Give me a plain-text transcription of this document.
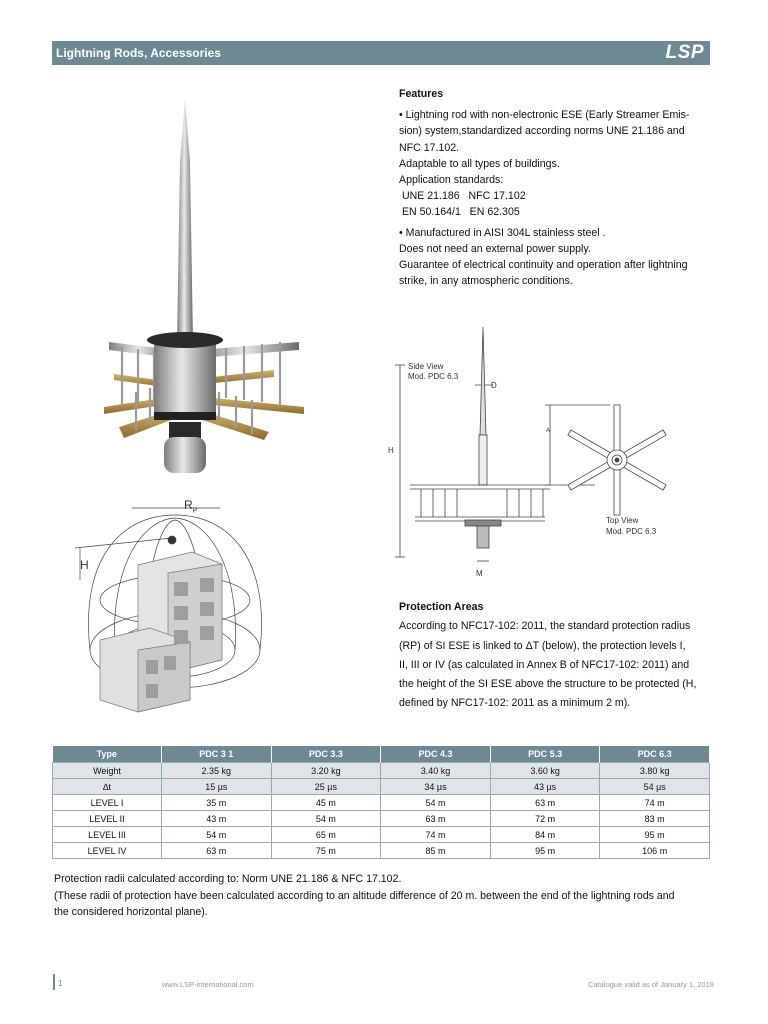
Lightning Rods, Accessories	LSP
Features

• Lightning rod with non-electronic ESE (Early Streamer Emis-

sion) system,standardized according norms UNE 21.186 and

NFC 17.102.

Adaptable to all types of buildings.

Application standards:

UNE 21.186   NFC 17.102

EN 50.164/1   EN 62.305

• Manufactured in AISI 304L stainless steel .

Does not need an external power supply.

Guarantee of electrical continuity and operation after lightning

strike, in any atmospheric conditions.

Side View
Mod. PDC 6.3
D
H
A
M
Top View
Mod. PDC 6.3
$R_P$
H
Protection Areas

According to NFC17-102: 2011, the standard protection radius

(RP) of SI ESE is linked to ΔT (below), the protection levels I,

II, III or IV (as calculated in Annex B of NFC17-102: 2011) and

the height of the SI ESE above the structure to be protected (H,

defined by NFC17-102: 2011 as a minimum 2 m).

Type	PDC 3 1	PDC 3.3	PDC 4.3	PDC 5.3	PDC 6.3
Weight	2.35 kg	3.20 kg	3.40 kg	3.60 kg	3.80 kg
∆t	15 µs	25 µs	34 µs	43 µs	54 µs
LEVEL I	35 m	45 m	54 m	63 m	74 m
LEVEL II	43 m	54 m	63 m	72 m	83 m
LEVEL III	54 m	65 m	74 m	84 m	95 m
LEVEL IV	63 m	75 m	85 m	95 m	106 m

Protection radii calculated according to: Norm UNE 21.186 & NFC 17.102.

(These radii of protection have been calculated according to an altitude difference of 20 m. between the end of the lightning rods and

the considered horizontal plane).

1	www.LSP-international.com	Catalogue valid as of January 1, 2018
